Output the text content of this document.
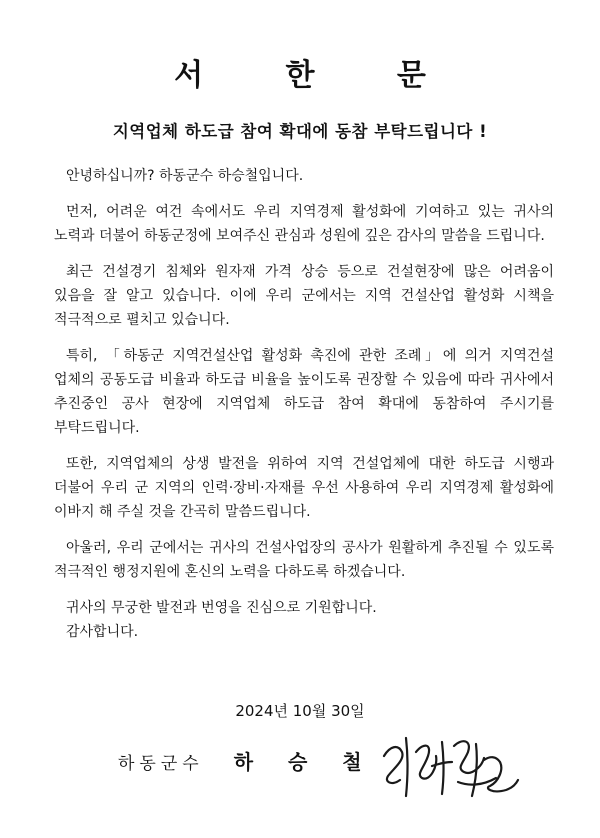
서 한 문
지역업체 하도급 참여 확대에 동참 부탁드립니다 !

안녕하십니까? 하동군수 하승철입니다.

먼저, 어려운 여건 속에서도 우리 지역경제 활성화에 기여하고 있는 귀사의 노력과 더불어 하동군정에 보여주신 관심과 성원에 깊은 감사의 말씀을 드립니다.

최근 건설경기 침체와 원자재 가격 상승 등으로 건설현장에 많은 어려움이 있음을 잘 알고 있습니다. 이에 우리 군에서는 지역 건설산업 활성화 시책을 적극적으로 펼치고 있습니다.

특히, 「하동군 지역건설산업 활성화 촉진에 관한 조례」에 의거 지역건설 업체의 공동도급 비율과 하도급 비율을 높이도록 권장할 수 있음에 따라 귀사에서 추진중인 공사 현장에 지역업체 하도급 참여 확대에 동참하여 주시기를 부탁드립니다.

또한, 지역업체의 상생 발전을 위하여 지역 건설업체에 대한 하도급 시행과 더불어 우리 군 지역의 인력·장비·자재를 우선 사용하여 우리 지역경제 활성화에 이바지 해 주실 것을 간곡히 말씀드립니다.

아울러, 우리 군에서는 귀사의 건설사업장의 공사가 원활하게 추진될 수 있도록 적극적인 행정지원에 혼신의 노력을 다하도록 하겠습니다.

귀사의 무궁한 발전과 번영을 진심으로 기원합니다.

감사합니다.

2024년 10월 30일
하동군수 하 승 철
